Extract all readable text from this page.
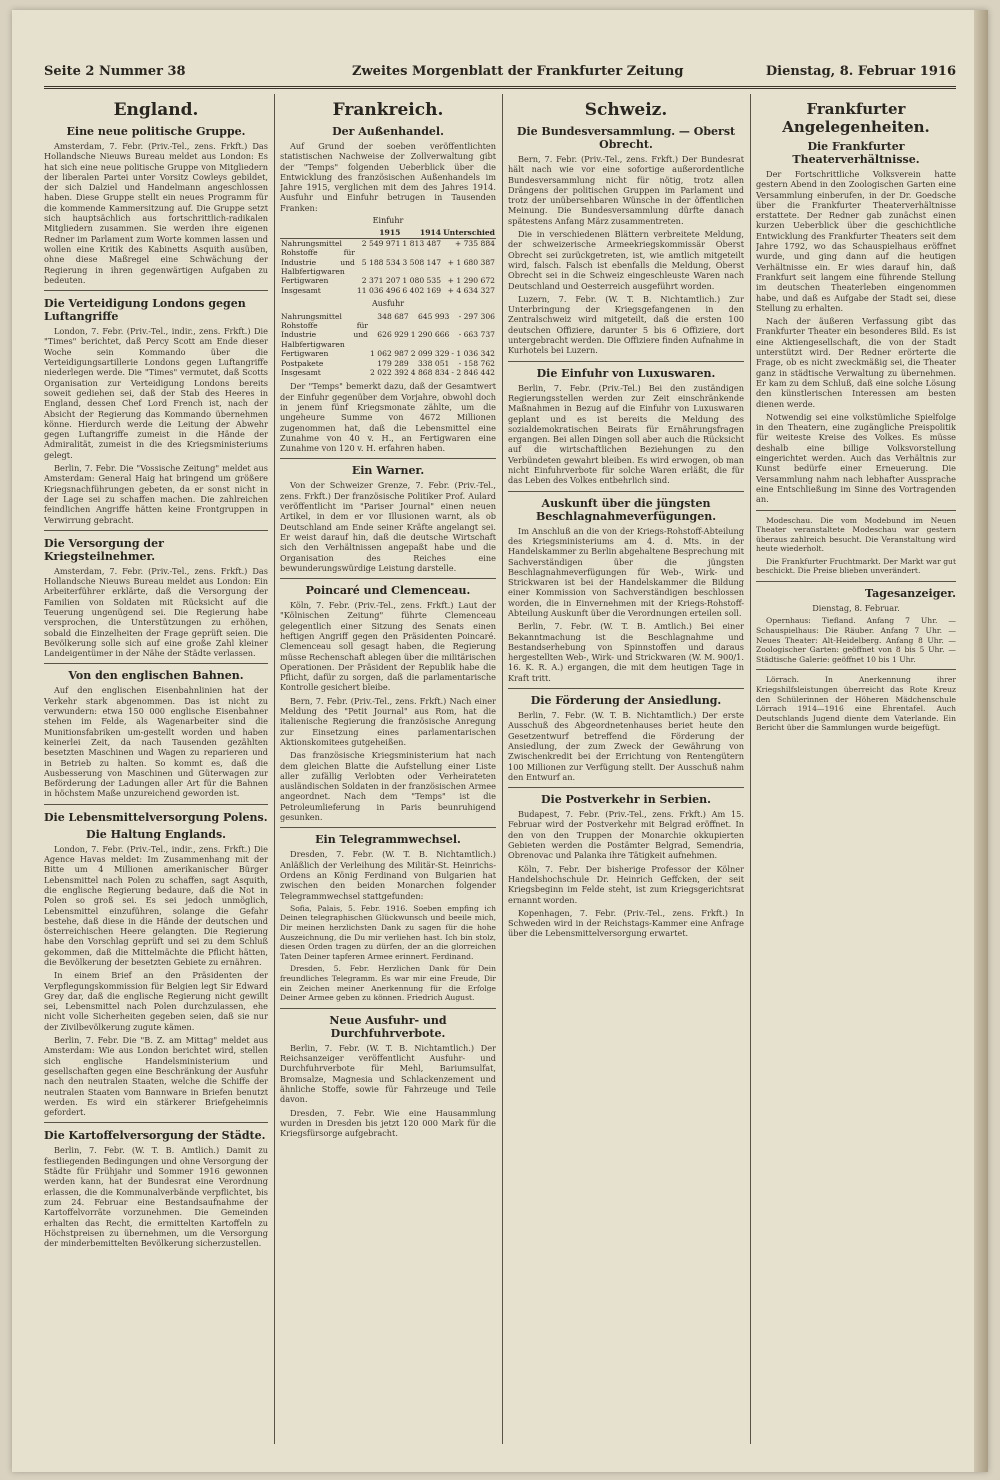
Seite 2 Nummer 38	Zweites Morgenblatt der Frankfurter Zeitung	Dienstag, 8. Februar 1916
England.
Eine neue politische Gruppe.

Amsterdam, 7. Febr. (Priv.-Tel., zens. Frkft.) Das Hollandsche Nieuws Bureau meldet aus London: Es hat sich eine neue politische Gruppe von Mitgliedern der liberalen Partei unter Vorsitz Cowleys gebildet, der sich Dalziel und Handelmann angeschlossen haben. Diese Gruppe stellt ein neues Programm für die kommende Kammersitzung auf. Die Gruppe setzt sich hauptsächlich aus fortschrittlich-radikalen Mitgliedern zusammen. Sie werden ihre eigenen Redner im Parlament zum Worte kommen lassen und wollen eine Kritik des Kabinetts Asquith ausüben, ohne diese Maßregel eine Schwächung der Regierung in ihren gegenwärtigen Aufgaben zu bedeuten.

Die Verteidigung Londons gegen Luftangriffe

London, 7. Febr. (Priv.-Tel., indir., zens. Frkft.) Die "Times" berichtet, daß Percy Scott am Ende dieser Woche sein Kommando über die Verteidigungsartillerie Londons gegen Luftangriffe niederlegen werde. Die "Times" vermutet, daß Scotts Organisation zur Verteidigung Londons bereits soweit gediehen sei, daß der Stab des Heeres in England, dessen Chef Lord French ist, nach der Absicht der Regierung das Kommando übernehmen könne. Hierdurch werde die Leitung der Abwehr gegen Luftangriffe zumeist in die Hände der Admiralität, zumeist in die des Kriegsministeriums gelegt.

Berlin, 7. Febr. Die "Vossische Zeitung" meldet aus Amsterdam: General Haig hat bringend um größere Kriegsnachführungen gebeten, da er sonst nicht in der Lage sei zu schaffen machen. Die zahlreichen feindlichen Angriffe hätten keine Frontgruppen in Verwirrung gebracht.

Die Versorgung der Kriegsteilnehmer.

Amsterdam, 7. Febr. (Priv.-Tel., zens. Frkft.) Das Hollandsche Nieuws Bureau meldet aus London: Ein Arbeiterführer erklärte, daß die Versorgung der Familien von Soldaten mit Rücksicht auf die Teuerung ungenügend sei. Die Regierung habe versprochen, die Unterstützungen zu erhöhen, sobald die Einzelheiten der Frage geprüft seien. Die Bevölkerung solle sich auf eine große Zahl kleiner Landeigentümer in der Nähe der Städte verlassen.

Von den englischen Bahnen.

Auf den englischen Eisenbahnlinien hat der Verkehr stark abgenommen. Das ist nicht zu verwundern: etwa 150 000 englische Eisenbahner stehen im Felde, als Wagenarbeiter sind die Munitionsfabriken um-gestellt worden und haben keinerlei Zeit, da nach Tausenden gezählten besetzten Maschinen und Wagen zu reparieren und in Betrieb zu halten. So kommt es, daß die Ausbesserung von Maschinen und Güterwagen zur Beförderung der Ladungen aller Art für die Bahnen in höchstem Maße unzureichend geworden ist.

Die Lebensmittelversorgung Polens.
Die Haltung Englands.

London, 7. Febr. (Priv.-Tel., indir., zens. Frkft.) Die Agence Havas meldet: Im Zusammenhang mit der Bitte um 4 Millionen amerikanischer Bürger Lebensmittel nach Polen zu schaffen, sagt Asquith, die englische Regierung bedaure, daß die Not in Polen so groß sei. Es sei jedoch unmöglich, Lebensmittel einzuführen, solange die Gefahr bestehe, daß diese in die Hände der deutschen und österreichischen Heere gelangten. Die Regierung habe den Vorschlag geprüft und sei zu dem Schluß gekommen, daß die Mittelmächte die Pflicht hätten, die Bevölkerung der besetzten Gebiete zu ernähren.

In einem Brief an den Präsidenten der Verpflegungskommission für Belgien legt Sir Edward Grey dar, daß die englische Regierung nicht gewillt sei, Lebensmittel nach Polen durchzulassen, ehe nicht volle Sicherheiten gegeben seien, daß sie nur der Zivilbevölkerung zugute kämen.

Berlin, 7. Febr. Die "B. Z. am Mittag" meldet aus Amsterdam: Wie aus London berichtet wird, stellen sich englische Handelsministerium und gesellschaften gegen eine Beschränkung der Ausfuhr nach den neutralen Staaten, welche die Schiffe der neutralen Staaten vom Bannware in Briefen benutzt werden. Es wird ein stärkerer Briefgeheimnis gefordert.

Die Kartoffelversorgung der Städte.

Berlin, 7. Febr. (W. T. B. Amtlich.) Damit zu festliegenden Bedingungen und ohne Versorgung der Städte für Frühjahr und Sommer 1916 gewonnen werden kann, hat der Bundesrat eine Verordnung erlassen, die die Kommunalverbände verpflichtet, bis zum 24. Februar eine Bestandsaufnahme der Kartoffelvorräte vorzunehmen. Die Gemeinden erhalten das Recht, die ermittelten Kartoffeln zu Höchstpreisen zu übernehmen, um die Versorgung der minderbemittelten Bevölkerung sicherzustellen.

Frankreich.
Der Außenhandel.

Auf Grund der soeben veröffentlichten statistischen Nachweise der Zollverwaltung gibt der "Temps" folgenden Ueberblick über die Entwicklung des französischen Außenhandels im Jahre 1915, verglichen mit dem des Jahres 1914. Ausfuhr und Einfuhr betrugen in Tausenden Franken:

Einfuhr
	1915	1914	Unterschied
Nahrungsmittel	2 549 971	1 813 487	+ 735 884
Rohstoffe für Industrie und Halbfertigwaren	5 188 534	3 508 147	+ 1 680 387
Fertigwaren	2 371 207	1 080 535	+ 1 290 672
Insgesamt	11 036 496	6 402 169	+ 4 634 327
Ausfuhr
Nahrungsmittel	348 687	645 993	- 297 306
Rohstoffe für Industrie und Halbfertigwaren	626 929	1 290 666	- 663 737
Fertigwaren	1 062 987	2 099 329	- 1 036 342
Postpakete	179 289	338 051	- 158 762
Insgesamt	2 022 392	4 868 834	- 2 846 442

Der "Temps" bemerkt dazu, daß der Gesamtwert der Einfuhr gegenüber dem Vorjahre, obwohl doch in jenem fünf Kriegsmonate zählte, um die ungeheure Summe von 4672 Millionen zugenommen hat, daß die Lebensmittel eine Zunahme von 40 v. H., an Fertigwaren eine Zunahme von 120 v. H. erfahren haben.

Ein Warner.

Von der Schweizer Grenze, 7. Febr. (Priv.-Tel., zens. Frkft.) Der französische Politiker Prof. Aulard veröffentlicht im "Pariser Journal" einen neuen Artikel, in dem er vor Illusionen warnt, als ob Deutschland am Ende seiner Kräfte angelangt sei. Er weist darauf hin, daß die deutsche Wirtschaft sich den Verhältnissen angepaßt habe und die Organisation des Reiches eine bewunderungswürdige Leistung darstelle.

Poincaré und Clemenceau.

Köln, 7. Febr. (Priv.-Tel., zens. Frkft.) Laut der "Kölnischen Zeitung" führte Clemenceau gelegentlich einer Sitzung des Senats einen heftigen Angriff gegen den Präsidenten Poincaré. Clemenceau soll gesagt haben, die Regierung müsse Rechenschaft ablegen über die militärischen Operationen. Der Präsident der Republik habe die Pflicht, dafür zu sorgen, daß die parlamentarische Kontrolle gesichert bleibe.

Bern, 7. Febr. (Priv.-Tel., zens. Frkft.) Nach einer Meldung des "Petit Journal" aus Rom, hat die italienische Regierung die französische Anregung zur Einsetzung eines parlamentarischen Aktionskomitees gutgeheißen.

Das französische Kriegsministerium hat nach dem gleichen Blatte die Aufstellung einer Liste aller zufällig Verlobten oder Verheirateten ausländischen Soldaten in der französischen Armee angeordnet. Nach dem "Temps" ist die Petroleumlieferung in Paris beunruhigend gesunken.

Ein Telegrammwechsel.

Dresden, 7. Febr. (W. T. B. Nichtamtlich.) Anläßlich der Verleihung des Militär-St. Heinrichs-Ordens an König Ferdinand von Bulgarien hat zwischen den beiden Monarchen folgender Telegrammwechsel stattgefunden:

Sofia, Palais, 5. Febr. 1916. Soeben empfing ich Deinen telegraphischen Glückwunsch und beeile mich, Dir meinen herzlichsten Dank zu sagen für die hohe Auszeichnung, die Du mir verliehen hast. Ich bin stolz, diesen Orden tragen zu dürfen, der an die glorreichen Taten Deiner tapferen Armee erinnert. Ferdinand.

Dresden, 5. Febr. Herzlichen Dank für Dein freundliches Telegramm. Es war mir eine Freude, Dir ein Zeichen meiner Anerkennung für die Erfolge Deiner Armee geben zu können. Friedrich August.

Neue Ausfuhr- und Durchfuhrverbote.

Berlin, 7. Febr. (W. T. B. Nichtamtlich.) Der Reichsanzeiger veröffentlicht Ausfuhr- und Durchfuhrverbote für Mehl, Bariumsulfat, Bromsalze, Magnesia und Schlackenzement und ähnliche Stoffe, sowie für Fahrzeuge und Teile davon.

Dresden, 7. Febr. Wie eine Hausammlung wurden in Dresden bis jetzt 120 000 Mark für die Kriegsfürsorge aufgebracht.

Schweiz.
Die Bundesversammlung. — Oberst Obrecht.

Bern, 7. Febr. (Priv.-Tel., zens. Frkft.) Der Bundesrat hält nach wie vor eine sofortige außerordentliche Bundesversammlung nicht für nötig, trotz allen Drängens der politischen Gruppen im Parlament und trotz der unübersehbaren Wünsche in der öffentlichen Meinung. Die Bundesversammlung dürfte danach spätestens Anfang März zusammentreten.

Die in verschiedenen Blättern verbreitete Meldung, der schweizerische Armeekriegskommissär Oberst Obrecht sei zurückgetreten, ist, wie amtlich mitgeteilt wird, falsch. Falsch ist ebenfalls die Meldung, Oberst Obrecht sei in die Schweiz eingeschleuste Waren nach Deutschland und Oesterreich ausgeführt worden.

Luzern, 7. Febr. (W. T. B. Nichtamtlich.) Zur Unterbringung der Kriegsgefangenen in den Zentralschweiz wird mitgeteilt, daß die ersten 100 deutschen Offiziere, darunter 5 bis 6 Offiziere, dort untergebracht werden. Die Offiziere finden Aufnahme in Kurhotels bei Luzern.

Die Einfuhr von Luxuswaren.

Berlin, 7. Febr. (Priv.-Tel.) Bei den zuständigen Regierungsstellen werden zur Zeit einschränkende Maßnahmen in Bezug auf die Einfuhr von Luxuswaren geplant und es ist bereits die Meldung des sozialdemokratischen Beirats für Ernährungsfragen ergangen. Bei allen Dingen soll aber auch die Rücksicht auf die wirtschaftlichen Beziehungen zu den Verbündeten gewahrt bleiben. Es wird erwogen, ob man nicht Einfuhrverbote für solche Waren erläßt, die für das Leben des Volkes entbehrlich sind.

Auskunft über die jüngsten Beschlagnahmeverfügungen.

Im Anschluß an die von der Kriegs-Rohstoff-Abteilung des Kriegsministeriums am 4. d. Mts. in der Handelskammer zu Berlin abgehaltene Besprechung mit Sachverständigen über die jüngsten Beschlagnahmeverfügungen für Web-, Wirk- und Strickwaren ist bei der Handelskammer die Bildung einer Kommission von Sachverständigen beschlossen worden, die in Einvernehmen mit der Kriegs-Rohstoff-Abteilung Auskunft über die Verordnungen erteilen soll.

Berlin, 7. Febr. (W. T. B. Amtlich.) Bei einer Bekanntmachung ist die Beschlagnahme und Bestandserhebung von Spinnstoffen und daraus hergestellten Web-, Wirk- und Strickwaren (W. M. 900/1. 16. K. R. A.) ergangen, die mit dem heutigen Tage in Kraft tritt.

Die Förderung der Ansiedlung.

Berlin, 7. Febr. (W. T. B. Nichtamtlich.) Der erste Ausschuß des Abgeordnetenhauses beriet heute den Gesetzentwurf betreffend die Förderung der Ansiedlung, der zum Zweck der Gewährung von Zwischenkredit bei der Errichtung von Rentengütern 100 Millionen zur Verfügung stellt. Der Ausschuß nahm den Entwurf an.

Die Postverkehr in Serbien.

Budapest, 7. Febr. (Priv.-Tel., zens. Frkft.) Am 15. Februar wird der Postverkehr mit Belgrad eröffnet. In den von den Truppen der Monarchie okkupierten Gebieten werden die Postämter Belgrad, Semendria, Obrenovac und Palanka ihre Tätigkeit aufnehmen.

Köln, 7. Febr. Der bisherige Professor der Kölner Handelshochschule Dr. Heinrich Geffcken, der seit Kriegsbeginn im Felde steht, ist zum Kriegsgerichtsrat ernannt worden.

Kopenhagen, 7. Febr. (Priv.-Tel., zens. Frkft.) In Schweden wird in der Reichstags-Kammer eine Anfrage über die Lebensmittelversorgung erwartet.

Frankfurter Angelegenheiten.
Die Frankfurter Theaterverhältnisse.

Der Fortschrittliche Volksverein hatte gestern Abend in den Zoologischen Garten eine Versammlung einberufen, in der Dr. Goedsche über die Frankfurter Theaterverhältnisse erstattete. Der Redner gab zunächst einen kurzen Ueberblick über die geschichtliche Entwicklung des Frankfurter Theaters seit dem Jahre 1792, wo das Schauspielhaus eröffnet wurde, und ging dann auf die heutigen Verhältnisse ein. Er wies darauf hin, daß Frankfurt seit langem eine führende Stellung im deutschen Theaterleben eingenommen habe, und daß es Aufgabe der Stadt sei, diese Stellung zu erhalten.

Nach der äußeren Verfassung gibt das Frankfurter Theater ein besonderes Bild. Es ist eine Aktiengesellschaft, die von der Stadt unterstützt wird. Der Redner erörterte die Frage, ob es nicht zweckmäßig sei, die Theater ganz in städtische Verwaltung zu übernehmen. Er kam zu dem Schluß, daß eine solche Lösung den künstlerischen Interessen am besten dienen werde.

Notwendig sei eine volkstümliche Spielfolge in den Theatern, eine zugängliche Preispolitik für weiteste Kreise des Volkes. Es müsse deshalb eine billige Volksvorstellung eingerichtet werden. Auch das Verhältnis zur Kunst bedürfe einer Erneuerung. Die Versammlung nahm nach lebhafter Aussprache eine Entschließung im Sinne des Vortragenden an.

Modeschau. Die vom Modebund im Neuen Theater veranstaltete Modeschau war gestern überaus zahlreich besucht. Die Veranstaltung wird heute wiederholt.

Die Frankfurter Fruchtmarkt. Der Markt war gut beschickt. Die Preise blieben unverändert.

Tagesanzeiger.

Dienstag, 8. Februar.

Opernhaus: Tiefland. Anfang 7 Uhr. — Schauspielhaus: Die Räuber. Anfang 7 Uhr. — Neues Theater: Alt-Heidelberg. Anfang 8 Uhr. — Zoologischer Garten: geöffnet von 8 bis 5 Uhr. — Städtische Galerie: geöffnet 10 bis 1 Uhr.

Lörrach. In Anerkennung ihrer Kriegshilfsleistungen überreicht das Rote Kreuz den Schülerinnen der Höheren Mädchenschule Lörrach 1914—1916 eine Ehrentafel. Auch Deutschlands Jugend diente dem Vaterlande. Ein Bericht über die Sammlungen wurde beigefügt.
